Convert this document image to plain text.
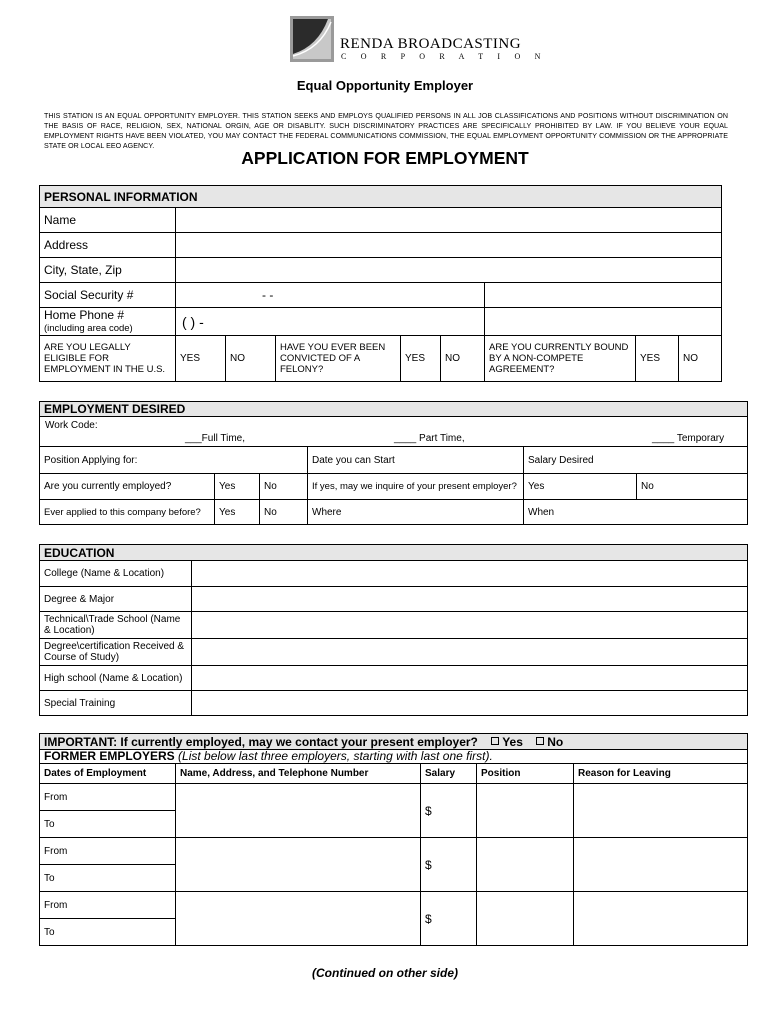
RENDA BROADCASTING
C O R P O R A T I O N
Equal Opportunity Employer
THIS STATION IS AN EQUAL OPPORTUNITY EMPLOYER. THIS STATION SEEKS AND EMPLOYS QUALIFIED PERSONS IN ALL JOB CLASSIFICATIONS AND POSITIONS WITHOUT DISCRIMINATION ON THE BASIS OF RACE, RELIGION, SEX, NATIONAL ORGIN, AGE OR DISABLITY. SUCH DISCRIMINATORY PRACTICES ARE SPECIFICALLY PROHIBITED BY LAW. IF YOU BELIEVE YOUR EQUAL EMPLOYMENT RIGHTS HAVE BEEN VIOLATED, YOU MAY CONTACT THE FEDERAL COMMUNICATIONS COMMISSION, THE EQUAL EMPLOYMENT OPPORTUNITY COMMISSION OR THE APPROPRIATE STATE OR LOCAL EEO AGENCY.
APPLICATION FOR EMPLOYMENT
PERSONAL INFORMATION								
Name								
Address								
City, State, Zip								
Social Security #	- -							
Home Phone #
(including area code)	( ) -							
ARE YOU LEGALLY ELIGIBLE FOR EMPLOYMENT IN THE U.S.	YES	NO	HAVE YOU EVER BEEN CONVICTED OF A FELONY?	YES	NO	ARE YOU CURRENTLY BOUND BY A NON-COMPETE AGREEMENT?	YES	NO
EMPLOYMENT DESIRED					

Work Code:
___Full Time, ____ Part Time, ____ Temporary					

Position Applying for:			Date you can Start	Salary Desired	
Are you currently employed?	Yes	No	If yes, may we inquire of your present employer?	Yes	No
Ever applied to this company before?	Yes	No	Where	When	
EDUCATION	
College (Name & Location)	
Degree & Major	
Technical\Trade School (Name & Location)	
Degree\certification Received & Course of Study)	
High school (Name & Location)	
Special Training	
IMPORTANT: If currently employed, may we contact your present employer? Yes No				
FORMER EMPLOYERS (List below last three employers, starting with last one first).				
Dates of Employment	Name, Address, and Telephone Number	Salary	Position	Reason for Leaving
From		$		
To				
From		$		
To				
From		$		
To				
(Continued on other side)
